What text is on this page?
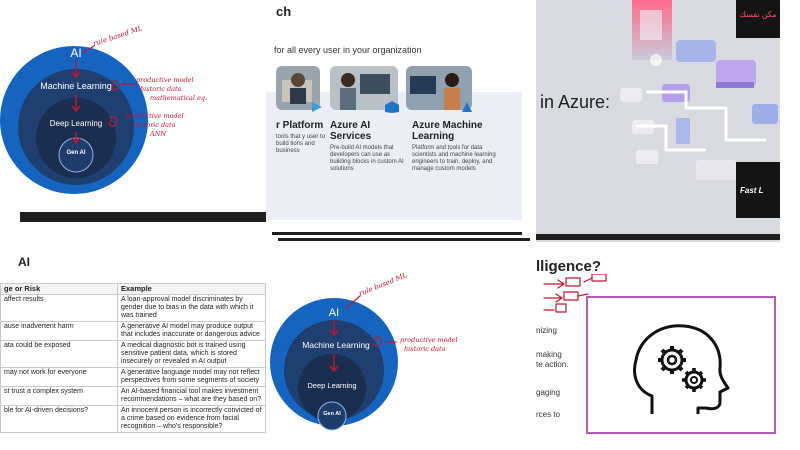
AI
Machine Learning
Deep Learning
Gen AI
rule based ML
productive model
historic data
mathematical eq.
productive model
historic data
ANN
ch
for all every user in your organization
r Platform
tools that y user to build tions and business
Azure AI Services
Pre-build AI models that developers can use as building blocks in custom AI solutions
Azure Machine Learning
Platform and tools for data scientists and machine learning engineers to train, deploy, and manage custom models
in Azure:
مكن نفسك
Fast L
AI
ge or Risk	Example
affect results	A loan-approval model discriminates by gender due to bias in the data with which it was trained
ause inadvertent harm	A generative AI model may produce output that includes inaccurate or dangerous advice
ata could be exposed	A medical diagnostic bot is trained using sensitive patient data, which is stored insecurely or revealed in AI output
may not work for everyone	A generative language model may not reflect perspectives from some segments of society
st trust a complex system	An AI-based financial tool makes investment recommendations – what are they based on?
ble for AI-driven decisions?	An innocent person is incorrectly convicted of a crime based on evidence from facial recognition – who's responsible?
AI
Machine Learning
Deep Learning
Gen AI
rule based ML
productive model
historic data
lligence?
nizing
making
te action.
gaging
rces to
